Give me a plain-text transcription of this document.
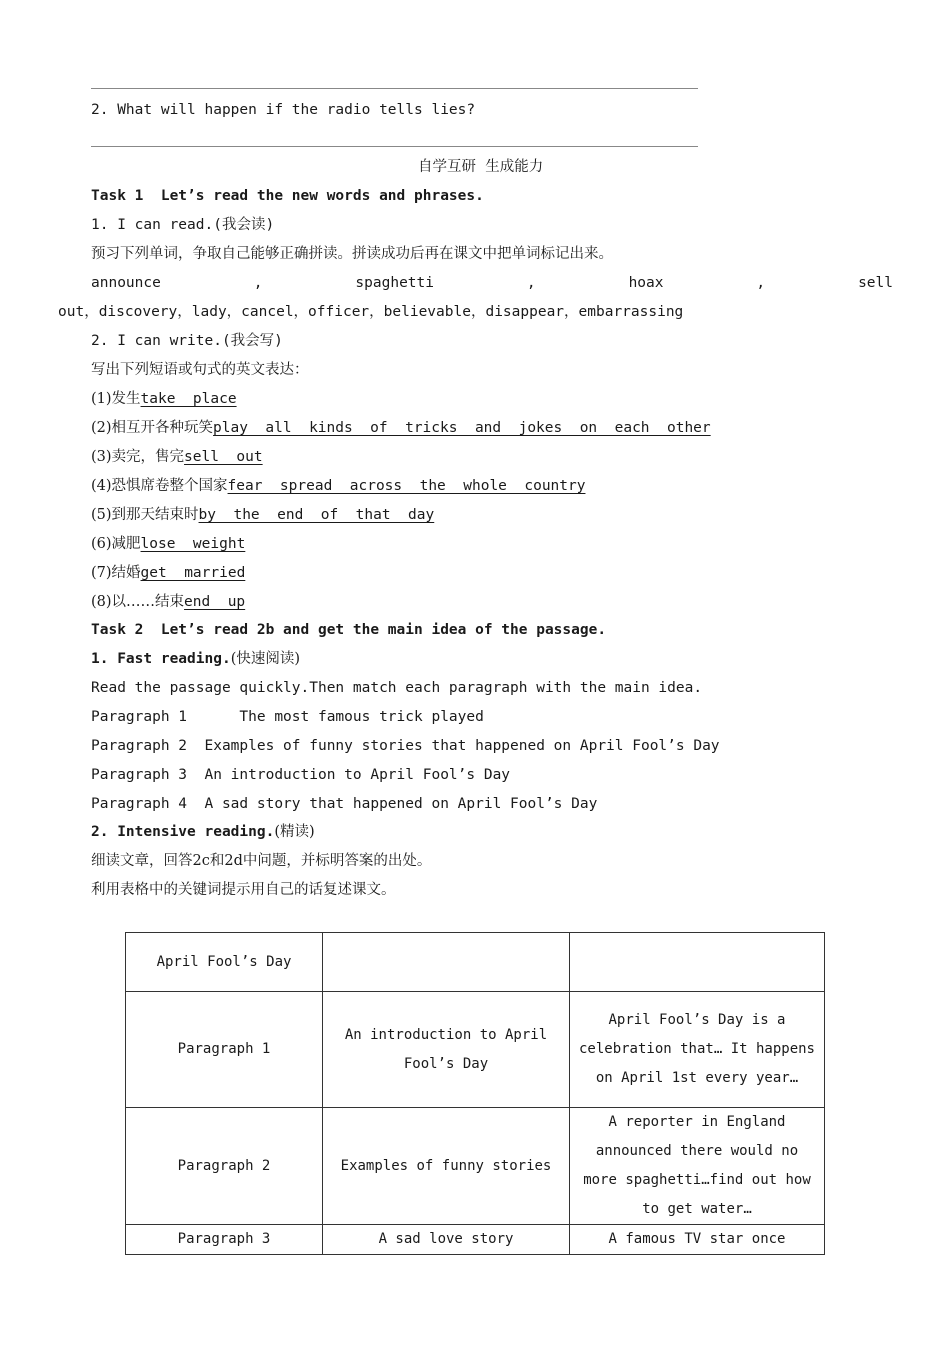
2. What will happen if the radio tells lies?
自学互研  生成能力
Task 1  Let’s read the new words and phrases.
1. I can read.(我会读)
预习下列单词，争取自己能够正确拼读。拼读成功后再在课文中把单词标记出来。
announce	,	spaghetti	,	hoax	,	sell
out，discovery，lady，cancel，officer，believable，disappear，embarrassing
2. I can write.(我会写)
写出下列短语或句式的英文表达：
(1)发生take  place
(2)相互开各种玩笑play  all  kinds  of  tricks  and  jokes  on  each  other
(3)卖完，售完sell  out
(4)恐惧席卷整个国家fear  spread  across  the  whole  country
(5)到那天结束时by  the  end  of  that  day
(6)减肥lose  weight
(7)结婚get  married
(8)以……结束end  up
Task 2  Let’s read 2b and get the main idea of the passage.
1. Fast reading.(快速阅读)
Read the passage quickly.Then match each paragraph with the main idea.
Paragraph 1      The most famous trick played
Paragraph 2  Examples of funny stories that happened on April Fool’s Day
Paragraph 3  An introduction to April Fool’s Day
Paragraph 4  A sad story that happened on April Fool’s Day
2. Intensive reading.(精读)
细读文章，回答2c和2d中问题，并标明答案的出处。
利用表格中的关键词提示用自己的话复述课文。
April Fool’s Day		
Paragraph 1	An introduction to April Fool’s Day	April Fool’s Day is a celebration that… It happens on April 1st every year…
Paragraph 2	Examples of funny stories	A reporter in England announced there would no more spaghetti…find out how to get water…
Paragraph 3	A sad love story	A famous TV star once
